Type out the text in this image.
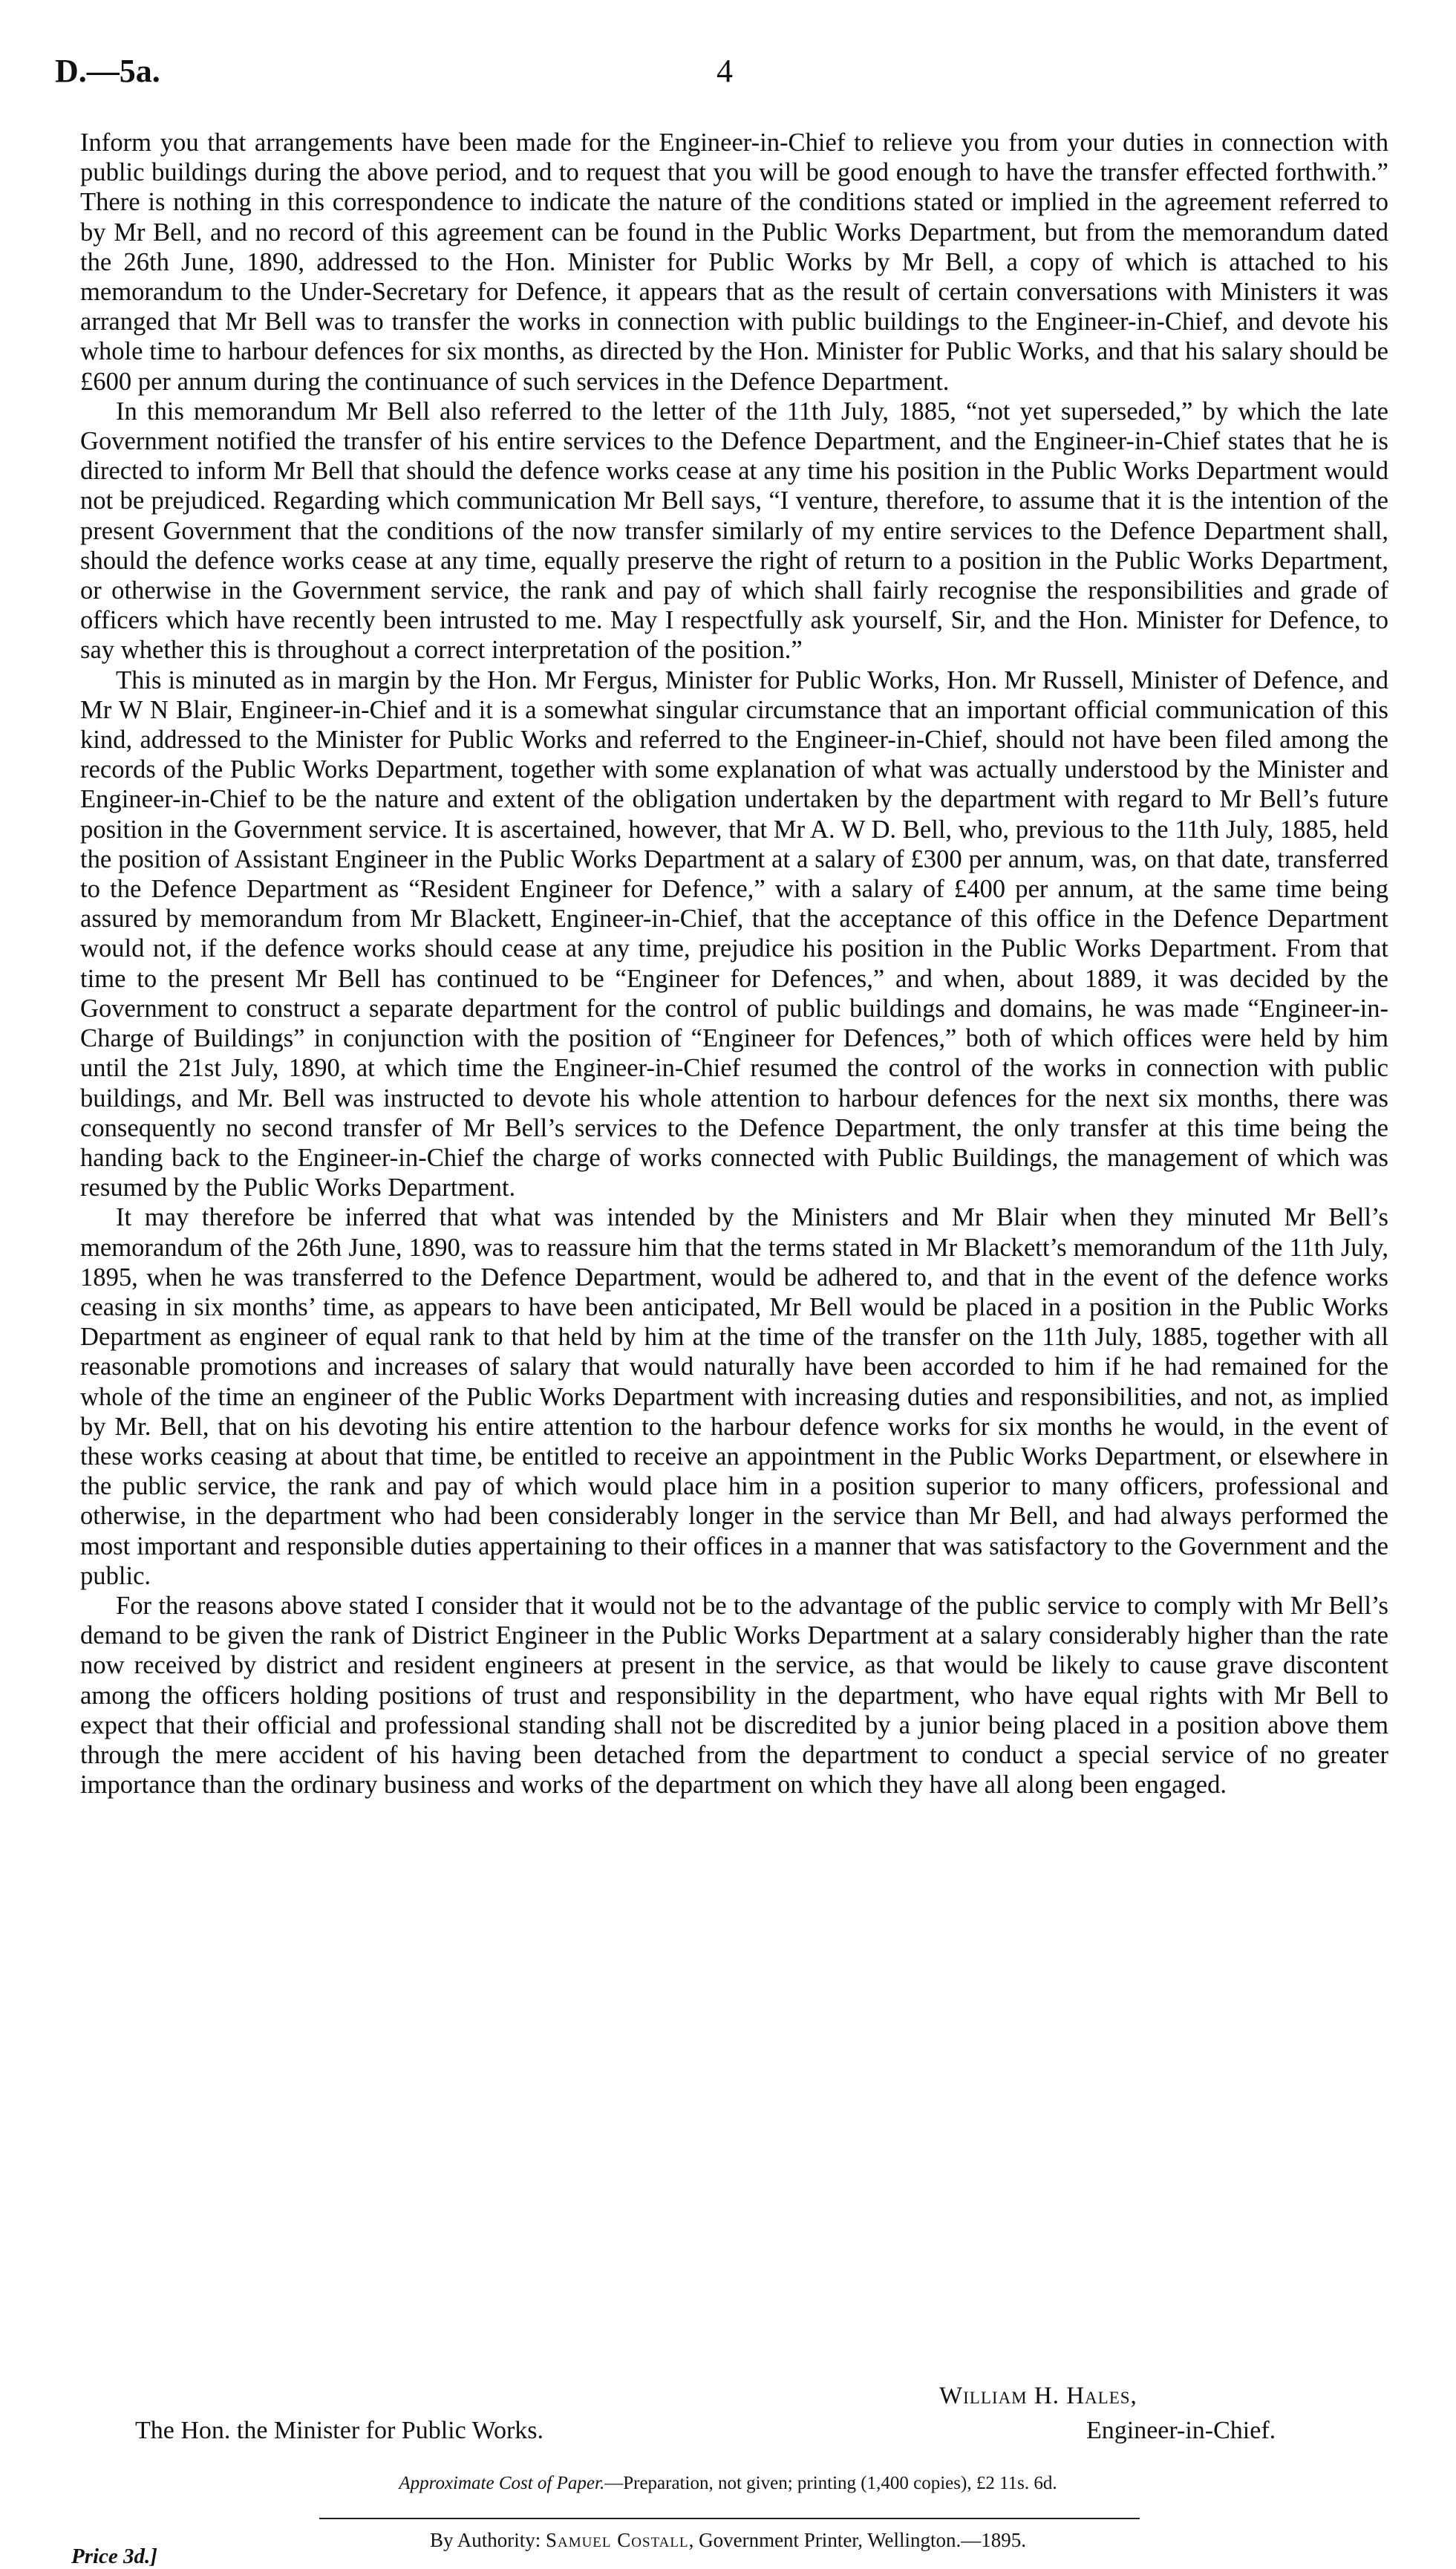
D.—5a.	4

Inform you that arrangements have been made for the Engineer-in-Chief to relieve you from your duties in connection with public buildings during the above period, and to request that you will be good enough to have the transfer effected forthwith.” There is nothing in this correspondence to indicate the nature of the conditions stated or implied in the agreement referred to by Mr Bell, and no record of this agreement can be found in the Public Works Department, but from the memorandum dated the 26th June, 1890, addressed to the Hon. Minister for Public Works by Mr Bell, a copy of which is attached to his memorandum to the Under-Secretary for Defence, it appears that as the result of certain conversations with Ministers it was arranged that Mr Bell was to transfer the works in connection with public buildings to the Engineer-in-Chief, and devote his whole time to harbour defences for six months, as directed by the Hon. Minister for Public Works, and that his salary should be £600 per annum during the continuance of such services in the Defence Department.

In this memorandum Mr Bell also referred to the letter of the 11th July, 1885, “not yet superseded,” by which the late Government notified the transfer of his entire services to the Defence Department, and the Engineer-in-Chief states that he is directed to inform Mr Bell that should the defence works cease at any time his position in the Public Works Department would not be prejudiced. Regarding which communication Mr Bell says, “I venture, therefore, to assume that it is the intention of the present Government that the conditions of the now transfer similarly of my entire services to the Defence Department shall, should the defence works cease at any time, equally preserve the right of return to a position in the Public Works Department, or otherwise in the Government service, the rank and pay of which shall fairly recognise the responsibilities and grade of officers which have recently been intrusted to me. May I respectfully ask yourself, Sir, and the Hon. Minister for Defence, to say whether this is throughout a correct interpretation of the position.”

This is minuted as in margin by the Hon. Mr Fergus, Minister for Public Works, Hon. Mr Russell, Minister of Defence, and Mr W N Blair, Engineer-in-Chief and it is a somewhat singular circumstance that an important official communication of this kind, addressed to the Minister for Public Works and referred to the Engineer-in-Chief, should not have been filed among the records of the Public Works Department, together with some explanation of what was actually understood by the Minister and Engineer-in-Chief to be the nature and extent of the obligation undertaken by the department with regard to Mr Bell’s future position in the Government service. It is ascertained, however, that Mr A. W D. Bell, who, previous to the 11th July, 1885, held the position of Assistant Engineer in the Public Works Department at a salary of £300 per annum, was, on that date, transferred to the Defence Department as “Resident Engineer for Defence,” with a salary of £400 per annum, at the same time being assured by memorandum from Mr Blackett, Engineer-in-Chief, that the acceptance of this office in the Defence Department would not, if the defence works should cease at any time, prejudice his position in the Public Works Department. From that time to the present Mr Bell has continued to be “Engineer for Defences,” and when, about 1889, it was decided by the Government to construct a separate department for the control of public buildings and domains, he was made “Engineer-in-Charge of Buildings” in conjunction with the position of “Engineer for Defences,” both of which offices were held by him until the 21st July, 1890, at which time the Engineer-in-Chief resumed the control of the works in connection with public buildings, and Mr. Bell was instructed to devote his whole attention to harbour defences for the next six months, there was consequently no second transfer of Mr Bell’s services to the Defence Department, the only transfer at this time being the handing back to the Engineer-in-Chief the charge of works connected with Public Buildings, the management of which was resumed by the Public Works Department.

It may therefore be inferred that what was intended by the Ministers and Mr Blair when they minuted Mr Bell’s memorandum of the 26th June, 1890, was to reassure him that the terms stated in Mr Blackett’s memorandum of the 11th July, 1895, when he was transferred to the Defence Department, would be adhered to, and that in the event of the defence works ceasing in six months’ time, as appears to have been anticipated, Mr Bell would be placed in a position in the Public Works Department as engineer of equal rank to that held by him at the time of the transfer on the 11th July, 1885, together with all reasonable promotions and increases of salary that would naturally have been accorded to him if he had remained for the whole of the time an engineer of the Public Works Department with increasing duties and responsibilities, and not, as implied by Mr. Bell, that on his devoting his entire attention to the harbour defence works for six months he would, in the event of these works ceasing at about that time, be entitled to receive an appointment in the Public Works Department, or elsewhere in the public service, the rank and pay of which would place him in a position superior to many officers, professional and otherwise, in the department who had been considerably longer in the service than Mr Bell, and had always performed the most important and responsible duties appertaining to their offices in a manner that was satisfactory to the Government and the public.

For the reasons above stated I consider that it would not be to the advantage of the public service to comply with Mr Bell’s demand to be given the rank of District Engineer in the Public Works Department at a salary considerably higher than the rate now received by district and resident engineers at present in the service, as that would be likely to cause grave discontent among the officers holding positions of trust and responsibility in the department, who have equal rights with Mr Bell to expect that their official and professional standing shall not be discredited by a junior being placed in a position above them through the mere accident of his having been detached from the department to conduct a special service of no greater importance than the ordinary business and works of the department on which they have all along been engaged.

William H. Hales,
The Hon. the Minister for Public Works.	Engineer-in-Chief.
Approximate Cost of Paper.—Preparation, not given; printing (1,400 copies), £2 11s. 6d.
By Authority: Samuel Costall, Government Printer, Wellington.—1895.
Price 3d.]
